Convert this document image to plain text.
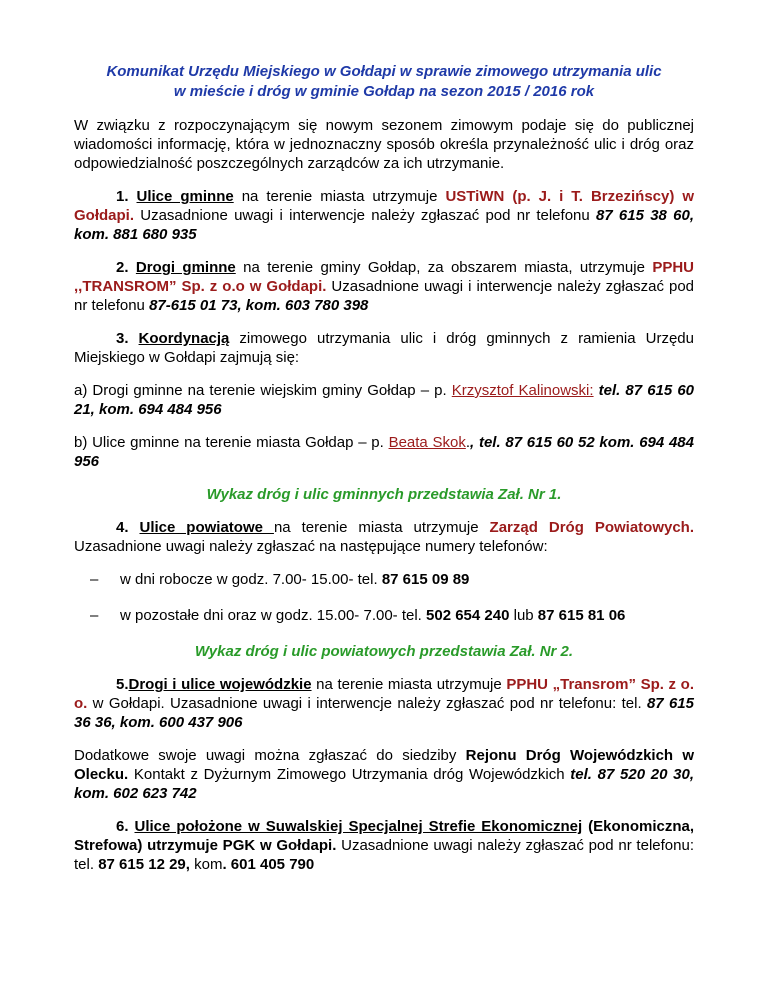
Komunikat Urzędu Miejskiego w Gołdapi w sprawie zimowego utrzymania ulic
w mieście i dróg w gminie Gołdap na sezon 2015 / 2016 rok

W związku z rozpoczynającym się nowym sezonem zimowym podaje się do publicznej wiadomości informację, która w jednoznaczny sposób określa przynależność ulic i dróg oraz odpowiedzialność poszczególnych zarządców za ich utrzymanie.

1. Ulice gminne na terenie miasta utrzymuje USTiWN (p. J. i T. Brzezińscy) w Gołdapi. Uzasadnione uwagi i interwencje należy zgłaszać pod nr telefonu 87 615 38 60, kom. 881 680 935

2. Drogi gminne na terenie gminy Gołdap, za obszarem miasta, utrzymuje PPHU ,,TRANSROM” Sp. z o.o w Gołdapi. Uzasadnione uwagi i interwencje należy zgłaszać pod nr telefonu 87-615 01 73, kom. 603 780 398

3. Koordynacją zimowego utrzymania ulic i dróg gminnych z ramienia Urzędu Miejskiego w Gołdapi zajmują się:

a) Drogi gminne na terenie wiejskim gminy Gołdap – p. Krzysztof Kalinowski: tel. 87 615 60 21, kom. 694 484 956

b) Ulice gminne na terenie miasta Gołdap – p. Beata Skok., tel. 87 615 60 52 kom. 694 484 956

Wykaz dróg i ulic gminnych przedstawia Zał. Nr 1.

4. Ulice powiatowe na terenie miasta utrzymuje Zarząd Dróg Powiatowych. Uzasadnione uwagi należy zgłaszać na następujące numery telefonów:

– w dni robocze w godz. 7.00- 15.00- tel. 87 615 09 89
– w pozostałe dni oraz w godz. 15.00- 7.00- tel. 502 654 240 lub 87 615 81 06

Wykaz dróg i ulic powiatowych przedstawia Zał. Nr 2.

5.Drogi i ulice wojewódzkie na terenie miasta utrzymuje PPHU „Transrom” Sp. z o. o. w Gołdapi. Uzasadnione uwagi i interwencje należy zgłaszać pod nr telefonu: tel. 87 615 36 36, kom. 600 437 906

Dodatkowe swoje uwagi można zgłaszać do siedziby Rejonu Dróg Wojewódzkich w Olecku. Kontakt z Dyżurnym Zimowego Utrzymania dróg Wojewódzkich tel. 87 520 20 30, kom. 602 623 742

6. Ulice położone w Suwalskiej Specjalnej Strefie Ekonomicznej (Ekonomiczna, Strefowa) utrzymuje PGK w Gołdapi. Uzasadnione uwagi należy zgłaszać pod nr telefonu: tel. 87 615 12 29, kom. 601 405 790
